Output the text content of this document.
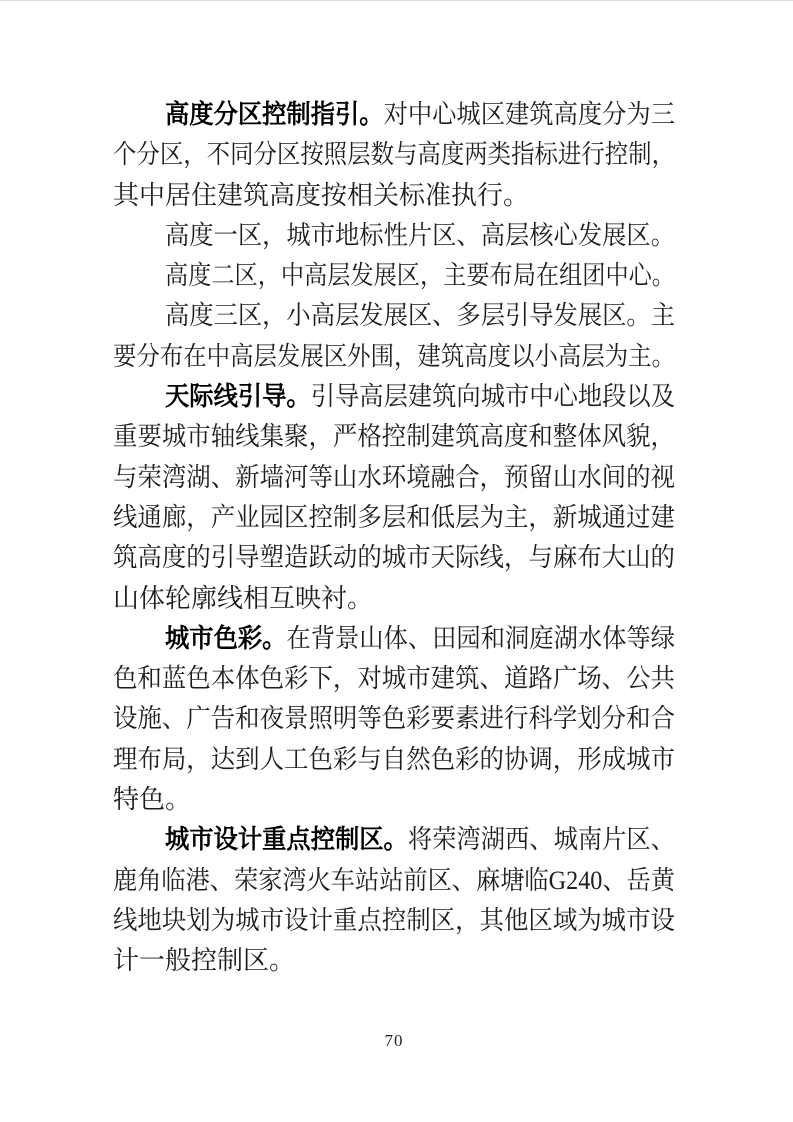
高度分区控制指引。对中心城区建筑高度分为三
个分区，不同分区按照层数与高度两类指标进行控制，
其中居住建筑高度按相关标准执行。
高度一区，城市地标性片区、高层核心发展区。
高度二区，中高层发展区，主要布局在组团中心。
高度三区，小高层发展区、多层引导发展区。主
要分布在中高层发展区外围，建筑高度以小高层为主。
天际线引导。引导高层建筑向城市中心地段以及
重要城市轴线集聚，严格控制建筑高度和整体风貌，
与荣湾湖、新墙河等山水环境融合，预留山水间的视
线通廊，产业园区控制多层和低层为主，新城通过建
筑高度的引导塑造跃动的城市天际线，与麻布大山的
山体轮廓线相互映衬。
城市色彩。在背景山体、田园和洞庭湖水体等绿
色和蓝色本体色彩下，对城市建筑、道路广场、公共
设施、广告和夜景照明等色彩要素进行科学划分和合
理布局，达到人工色彩与自然色彩的协调，形成城市
特色。
城市设计重点控制区。将荣湾湖西、城南片区、
鹿角临港、荣家湾火车站站前区、麻塘临G240、岳黄
线地块划为城市设计重点控制区，其他区域为城市设
计一般控制区。
70
